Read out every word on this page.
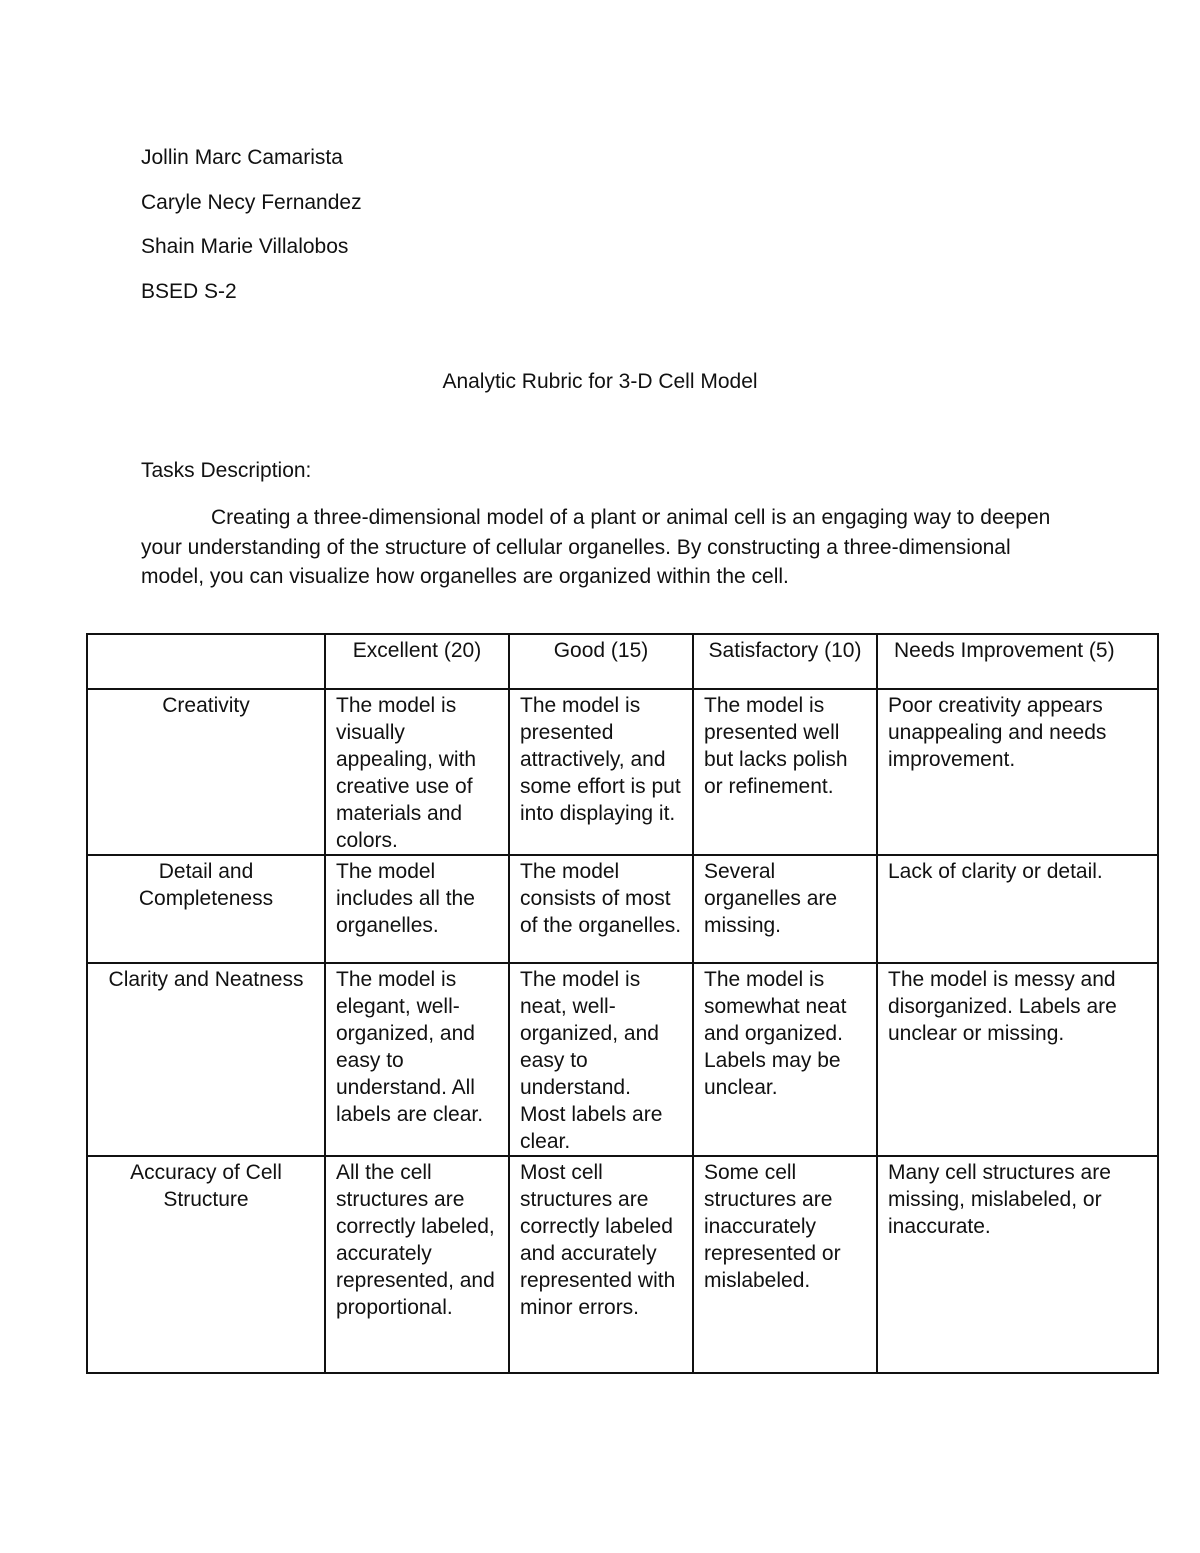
Jollin Marc Camarista
Caryle Necy Fernandez
Shain Marie Villalobos
BSED S-2
Analytic Rubric for 3-D Cell Model
Tasks Description:

Creating a three-dimensional model of a plant or animal cell is an engaging way to deepen your understanding of the structure of cellular organelles. By constructing a three-dimensional model, you can visualize how organelles are organized within the cell.

	Excellent (20)	Good (15)	Satisfactory (10)	Needs Improvement (5)
Creativity	The model is visually appealing, with creative use of materials and colors.	The model is presented attractively, and some effort is put into displaying it.	The model is presented well but lacks polish or refinement.	Poor creativity appears unappealing and needs improvement.
Detail and Completeness	The model includes all the organelles.	The model consists of most of the organelles.	Several organelles are missing.	Lack of clarity or detail.
Clarity and Neatness	The model is elegant, well-organized, and easy to understand. All labels are clear.	The model is neat, well-organized, and easy to understand. Most labels are clear.	The model is somewhat neat and organized. Labels may be unclear.	The model is messy and disorganized. Labels are unclear or missing.
Accuracy of Cell Structure	All the cell structures are correctly labeled, accurately represented, and proportional.	Most cell structures are correctly labeled and accurately represented with minor errors.	Some cell structures are inaccurately represented or mislabeled.	Many cell structures are missing, mislabeled, or inaccurate.
